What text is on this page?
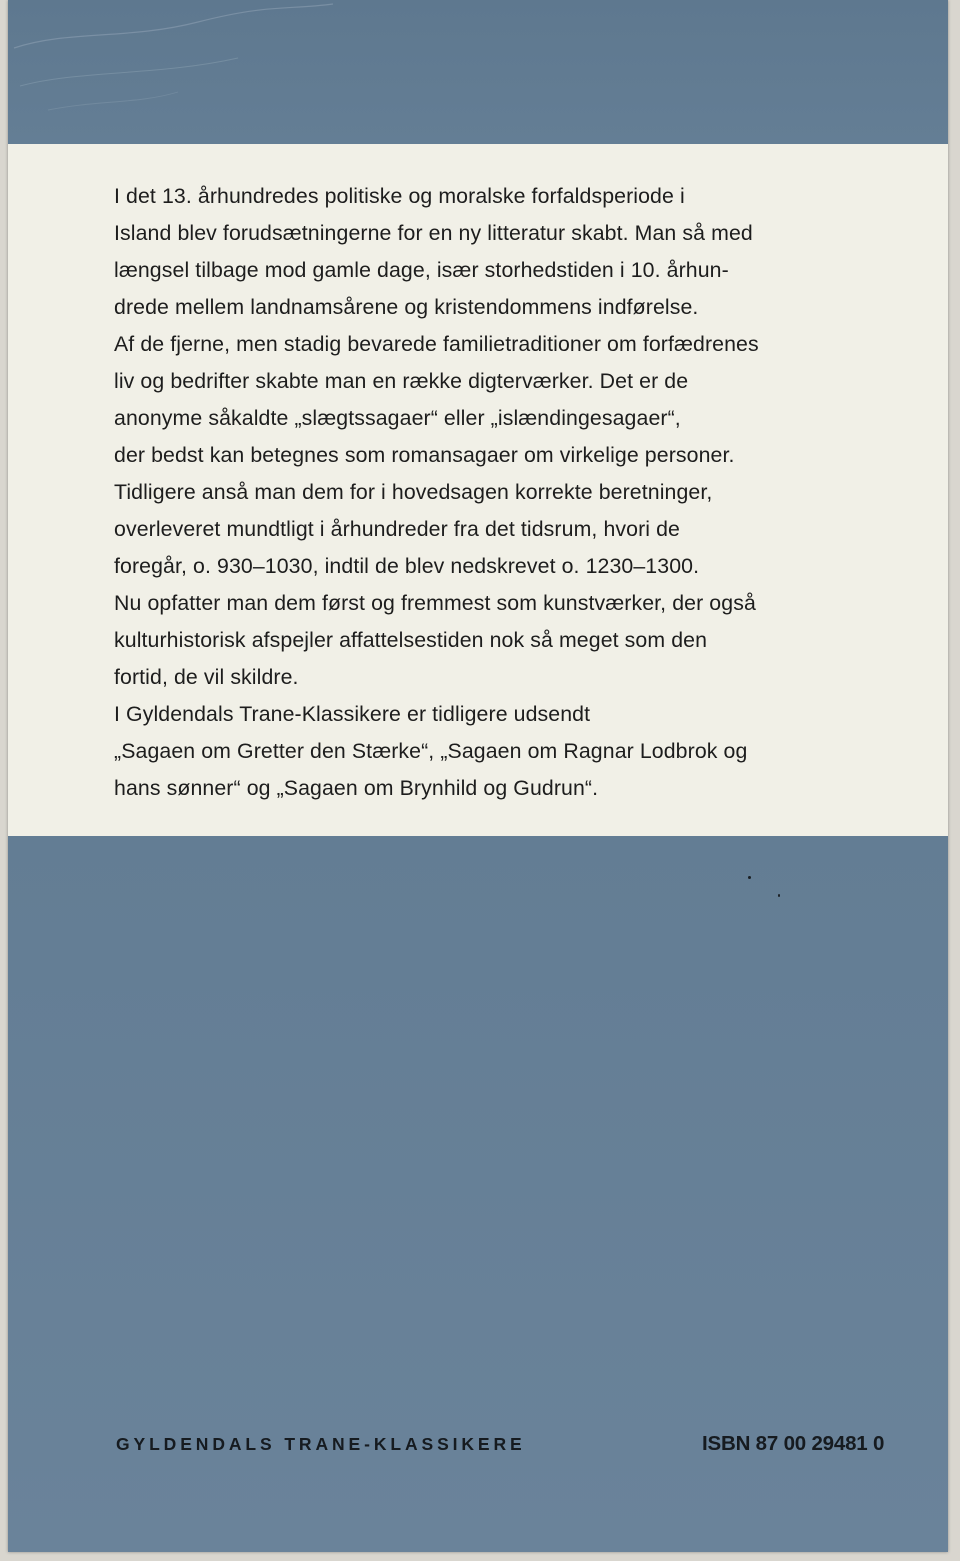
I det 13. århundredes politiske og moralske forfaldsperiode i
Island blev forudsætningerne for en ny litteratur skabt. Man så med
længsel tilbage mod gamle dage, især storhedstiden i 10. århun-
drede mellem landnamsårene og kristendommens indførelse.
Af de fjerne, men stadig bevarede familietraditioner om forfædrenes
liv og bedrifter skabte man en række digterværker. Det er de
anonyme såkaldte „slægtssagaer“ eller „islændingesagaer“,
der bedst kan betegnes som romansagaer om virkelige personer.
Tidligere anså man dem for i hovedsagen korrekte beretninger,
overleveret mundtligt i århundreder fra det tidsrum, hvori de
foregår, o. 930–1030, indtil de blev nedskrevet o. 1230–1300.
Nu opfatter man dem først og fremmest som kunstværker, der også
kulturhistorisk afspejler affattelsestiden nok så meget som den
fortid, de vil skildre.
I Gyldendals Trane-Klassikere er tidligere udsendt
„Sagaen om Gretter den Stærke“, „Sagaen om Ragnar Lodbrok og
hans sønner“ og „Sagaen om Brynhild og Gudrun“.

GYLDENDALS TRANE-KLASSIKERE	ISBN 87 00 29481 0
